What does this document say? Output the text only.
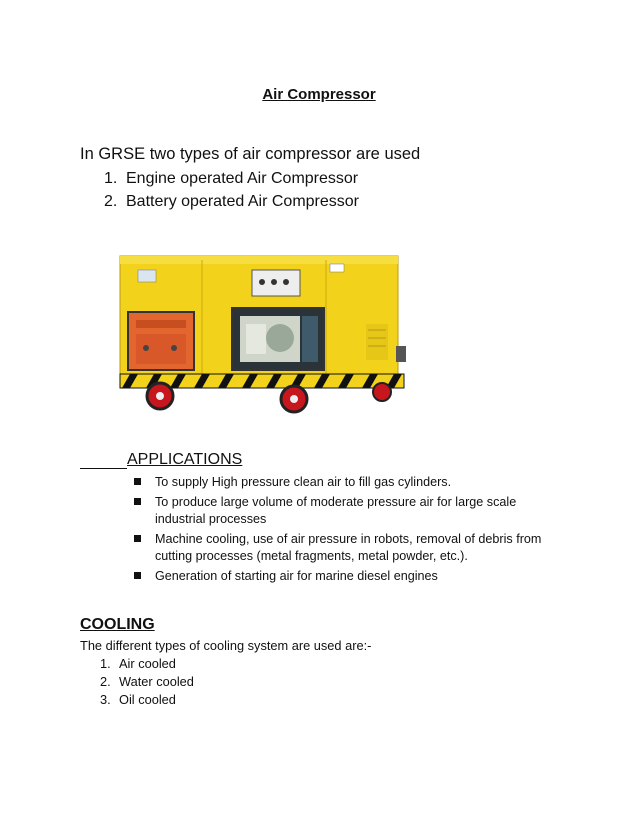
Air Compressor
In GRSE two types of air compressor are used
1. Engine operated Air Compressor
2. Battery operated Air Compressor
APPLICATIONS
To supply High pressure clean air to fill gas cylinders.
To produce large volume of moderate pressure air for large scale industrial processes
Machine cooling, use of air pressure in robots, removal of debris from cutting processes (metal fragments, metal powder, etc.).
Generation of starting air for marine diesel engines
COOLING
The different types of cooling system are used are:-
1. Air cooled
2. Water cooled
3. Oil cooled
